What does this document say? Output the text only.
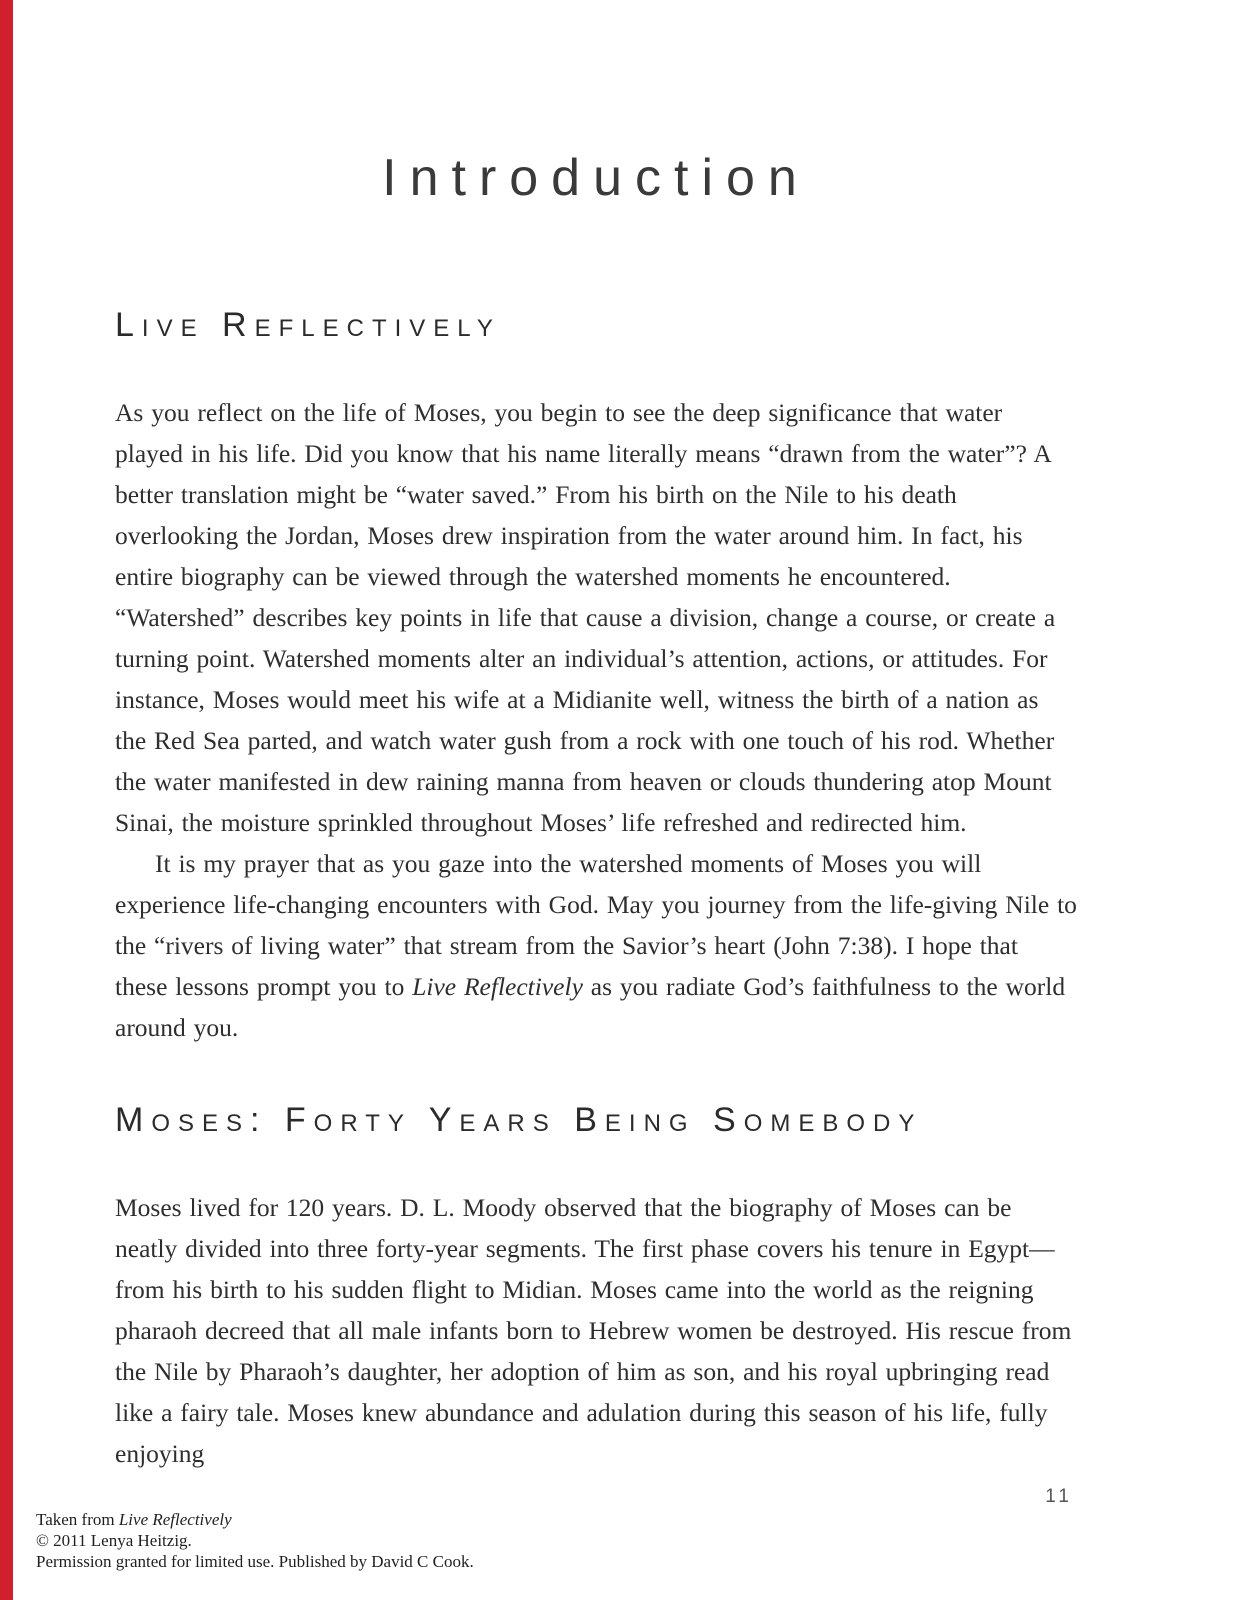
Introduction
Live Reflectively

As you reflect on the life of Moses, you begin to see the deep significance that water played in his life. Did you know that his name literally means “drawn from the water”? A better translation might be “water saved.” From his birth on the Nile to his death overlooking the Jordan, Moses drew inspiration from the water around him. In fact, his entire biography can be viewed through the watershed moments he encountered. “Watershed” describes key points in life that cause a division, change a course, or create a turning point. Watershed moments alter an individual’s attention, actions, or attitudes. For instance, Moses would meet his wife at a Midianite well, witness the birth of a nation as the Red Sea parted, and watch water gush from a rock with one touch of his rod. Whether the water manifested in dew raining manna from heaven or clouds thundering atop Mount Sinai, the moisture sprinkled throughout Moses’ life refreshed and redirected him.

It is my prayer that as you gaze into the watershed moments of Moses you will experience life-changing encounters with God. May you journey from the life-giving Nile to the “rivers of living water” that stream from the Savior’s heart (John 7:38). I hope that these lessons prompt you to Live Reflectively as you radiate God’s faithfulness to the world around you.

Moses: Forty Years Being Somebody

Moses lived for 120 years. D. L. Moody observed that the biography of Moses can be neatly divided into three forty-year segments. The first phase covers his tenure in Egypt—from his birth to his sudden flight to Midian. Moses came into the world as the reigning pharaoh decreed that all male infants born to Hebrew women be destroyed. His rescue from the Nile by Pharaoh’s daughter, her adoption of him as son, and his royal upbringing read like a fairy tale. Moses knew abundance and adulation during this season of his life, fully enjoying

Taken from Live Reflectively
© 2011 Lenya Heitzig.
Permission granted for limited use. Published by David C Cook.
11
